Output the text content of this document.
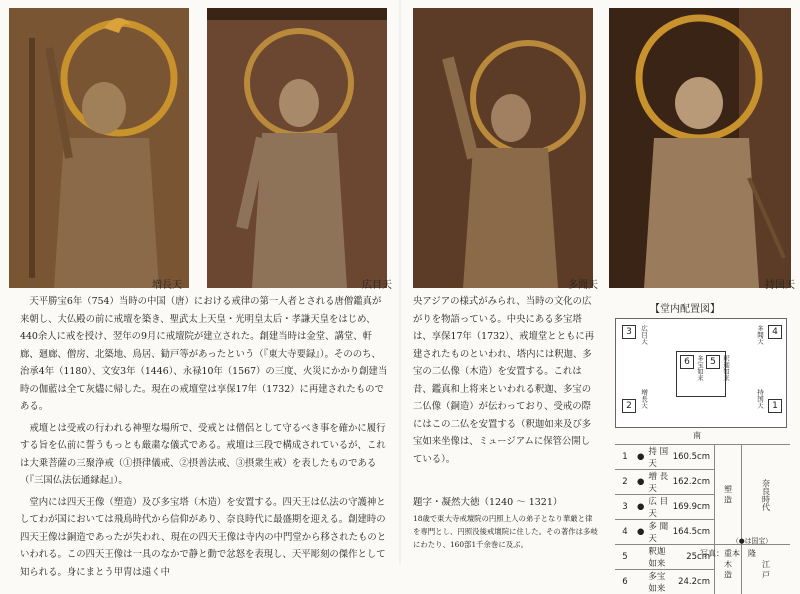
増長天	広目天	多聞天	持国天

天平勝宝6年（754）当時の中国（唐）における戒律の第一人者とされる唐僧鑑真が来朝し、大仏殿の前に戒壇を築き、聖武太上天皇・光明皇太后・孝謙天皇をはじめ、440余人に戒を授け、翌年の9月に戒壇院が建立された。創建当時は金堂、講堂、軒廊、廻廊、僧房、北築地、鳥居、勧戸等があったという（『東大寺要録』）。そののち、治承4年（1180）、文安3年（1446）、永禄10年（1567）の三度、火災にかかり創建当時の伽藍は全て灰燼に帰した。現在の戒壇堂は享保17年（1732）に再建されたものである。

戒壇とは受戒の行われる神聖な場所で、受戒とは僧侶として守るべき事を確かに履行する旨を仏前に誓うもっとも厳粛な儀式である。戒壇は三段で構成されているが、これは大乗菩薩の三聚浄戒（①摂律儀戒、②摂善法戒、③摂衆生戒）を表したものである（『三国仏法伝通縁起』）。

堂内には四天王像（塑造）及び多宝塔（木造）を安置する。四天王は仏法の守護神としてわが国においては飛鳥時代から信仰があり、奈良時代に最盛期を迎える。創建時の四天王像は銅造であったが失われ、現在の四天王像は寺内の中門堂から移されたものといわれる。この四天王像は一具のなかで静と動で忿怒を表現し、天平彫刻の傑作として知られる。身にまとう甲冑は遠く中

央アジアの様式がみられ、当時の文化の広がりを物語っている。中央にある多宝塔は、享保17年（1732）、戒壇堂とともに再建されたものといわれ、塔内には釈迦、多宝の二仏像（木造）を安置する。これは昔、鑑真和上将来といわれる釈迦、多宝の二仏像（銅造）が伝わっており、受戒の際にはこの二仏を安置する（釈迦如来及び多宝如来坐像は、ミュージアムに保管公開している）。

題字・凝然大徳（1240 〜 1321）
18歳で東大寺戒壇院の円照上人の弟子となり華厳と律を専門とし、円照没後戒壇院に住した。その著作は多岐にわたり、160部1千余巻に及ぶ。
【堂内配置図】
3	広目天	4
多聞天
2	増長天	1
持国天
6 多宝如来 5 釈迦如来
南
1	●	持 国 天	160.5cm	塑 造	奈良時代
2	●	増 長 天	162.2cm		
3	●	広 目 天	169.9cm		
4	●	多 聞 天	164.5cm		
5		釈迦如来	25cm	木 造	江 戸
6		多宝如来	24.2cm		
（●は国宝）
写真：重本　隆
